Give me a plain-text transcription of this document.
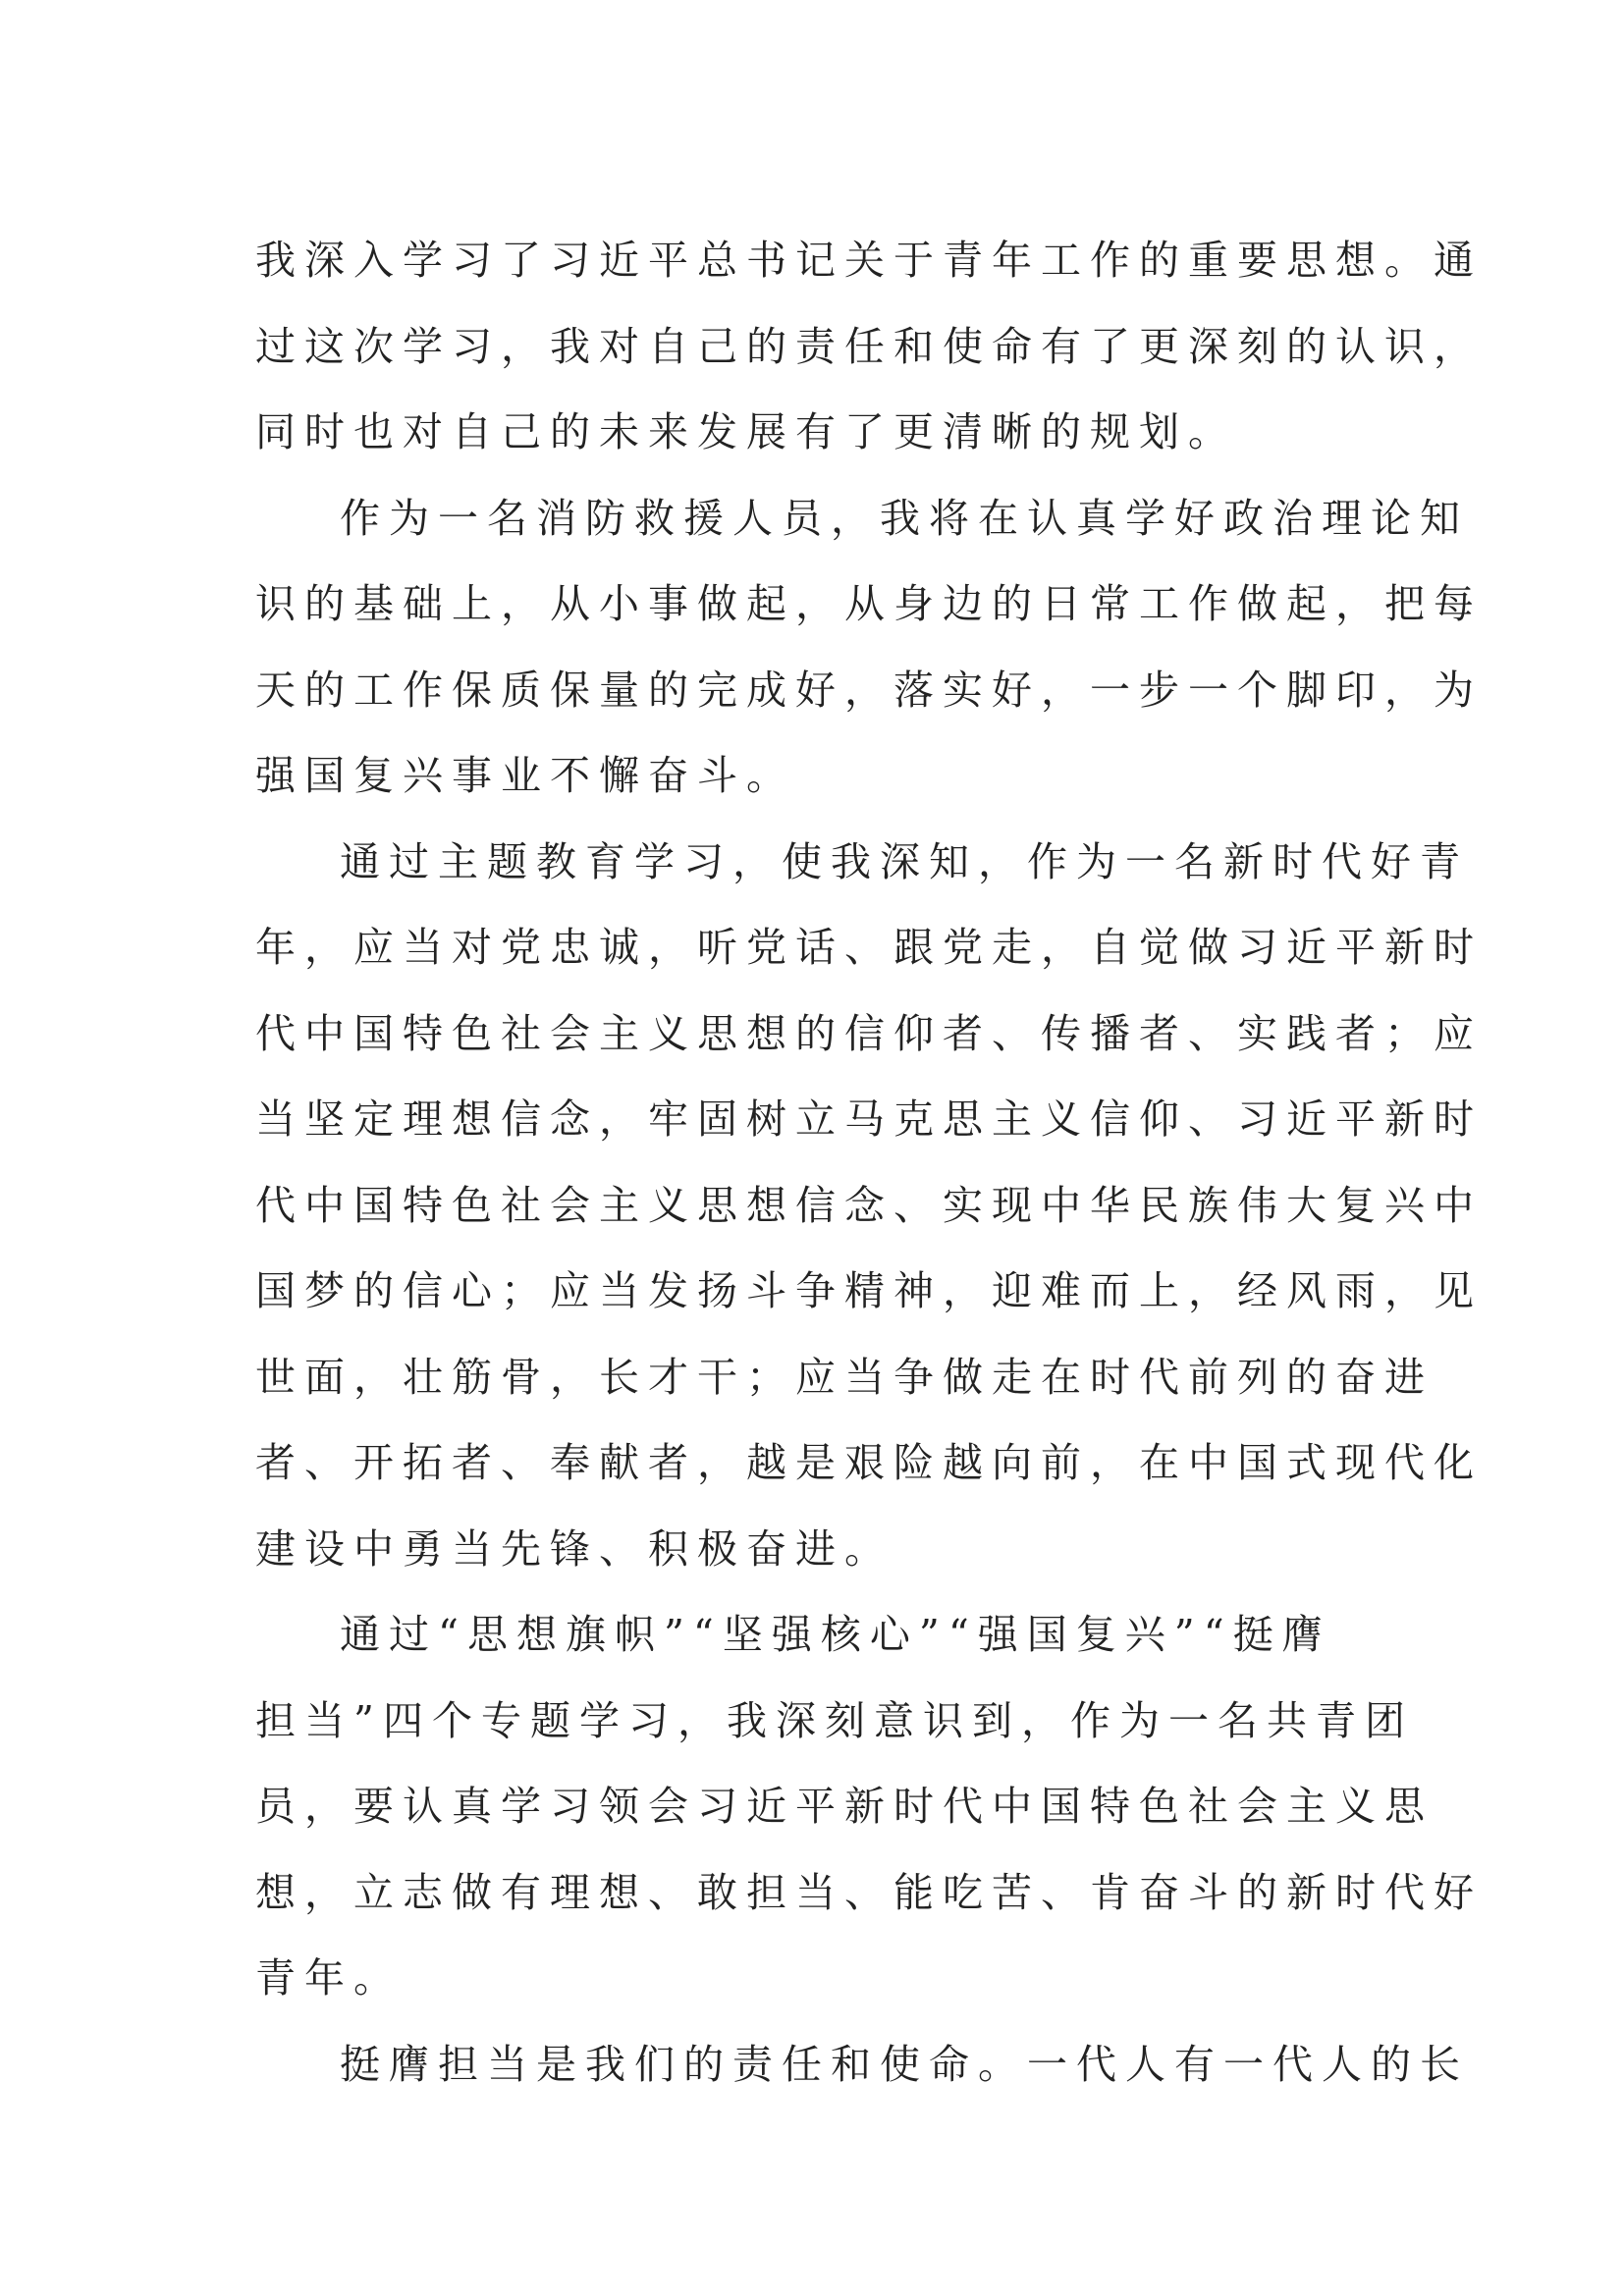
我深入学习了习近平总书记关于青年工作的重要思想。通
过这次学习，我对自己的责任和使命有了更深刻的认识，
同时也对自己的未来发展有了更清晰的规划。
作为一名消防救援人员，我将在认真学好政治理论知
识的基础上，从小事做起，从身边的日常工作做起，把每
天的工作保质保量的完成好，落实好，一步一个脚印，为
强国复兴事业不懈奋斗。
通过主题教育学习，使我深知，作为一名新时代好青
年，应当对党忠诚，听党话、跟党走，自觉做习近平新时
代中国特色社会主义思想的信仰者、传播者、实践者；应
当坚定理想信念，牢固树立马克思主义信仰、习近平新时
代中国特色社会主义思想信念、实现中华民族伟大复兴中
国梦的信心；应当发扬斗争精神，迎难而上，经风雨，见
世面，壮筋骨，长才干；应当争做走在时代前列的奋进
者、开拓者、奉献者，越是艰险越向前，在中国式现代化
建设中勇当先锋、积极奋进。
通过“思想旗帜”“坚强核心”“强国复兴”“挺膺
担当”四个专题学习，我深刻意识到，作为一名共青团
员，要认真学习领会习近平新时代中国特色社会主义思
想，立志做有理想、敢担当、能吃苦、肯奋斗的新时代好
青年。
挺膺担当是我们的责任和使命。一代人有一代人的长
